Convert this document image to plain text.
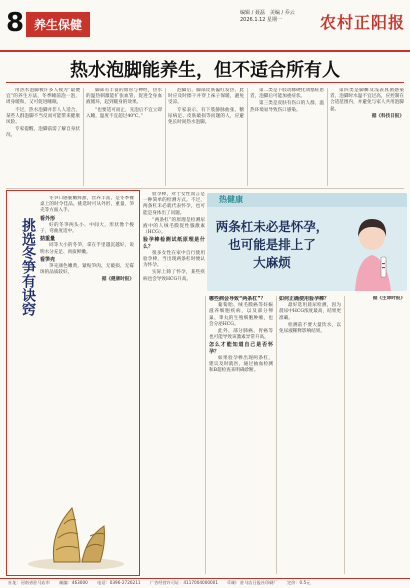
8 养生保健
编辑 / 聂磊　美编 / 乔云
2026.1.12 星期一	农村正阳报
热水泡脚能养生，但不适合所有人

用热水泡脚被许多人视为“最便宜”的养生方法，冬季睡前泡一泡，周身暖和，又可促进睡眠。

不过，热水泡脚并非人人适合，某些人群泡脚不当反而可能带来健康风险。

专家提醒，泡脚前需了解自身状况。

脚部有丰富的血管与神经，热水的温热刺激能扩张血管，促进全身血液循环，起到暖身的效果。

“也要适可而止，先泡后不宜立即入睡，温度不宜超过40℃。”

泡脚后，脚部皮肤偏红发热，此时应及时擦干并穿上袜子保暖，避免受凉。

专家表示，有下肢静脉曲张、糖尿病足、皮肤破损等问题的人，应避免长时间热水泡脚。

第二类是下肢动脉硬化闭塞症患者，泡脚后可能加重症状。

第三类是皮肤有伤口的人群，温热环境易导致伤口感染。

第四类是脚癣及浅表真菌感染者，泡脚时水温不宜过高，应控制在合适范围内，并避免与家人共用泡脚盆。

据《科技日报》

挑选冬笋有诀窍

冬笋口感脆嫩鲜甜，营养丰富，是冬季餐桌上的时令佳品。挑选时可从外形、重量、笋壳等方面入手。

看外形

好的冬笋两头小、中间大，形状像个梭子，弯曲度适中。

掂重量

同等大小的冬笋，拿在手里越沉越好，说明水分充足、肉质鲜嫩。

看笋壳

笋壳颜色嫩黄，紧贴笋肉、无破损、无霉斑的品质较好。

据《健康时报》

验孕棒，对于女性而言是一种简单的检测方式。不过，两条杠未必就代表怀孕，也可能是身体出了问题。

“两条杠”的原理是检测尿液中的人绒毛膜促性腺激素（HCG）。

验孕棒检测试纸原理是什么？

很多女性在家中自行使用验孕棒，当出现两条杠时便认为怀孕。

实际上除了怀孕，某些疾病也会导致HCG升高。

热健康
两条杠未必是怀孕，
也可能是排上了
大麻烦

哪些病会导致“两条杠”？

葡萄胎、绒毛膜癌等妊娠滋养细胞疾病，以及部分卵巢、睾丸的生殖细胞肿瘤，也会分泌HCG。

此外，部分肺癌、胃癌等也可能导致该激素异常升高。

怎么才能知道自己是否怀孕？

如果验孕棒出现两条杠，建议及时就医，通过抽血检测和B超检查来明确诊断。

如何正确使用验孕棒？

最好选用晨尿检测，因为晨尿中HCG浓度最高，结果更准确。

检测前不要大量饮水，以免尿液稀释影响结果。

据《生命时报》

社址：河南省驻马店市 邮编：463000 电话：0396-2726211 广告经营许可证：4117004000001 印刷：驻马店日报社印刷厂 定价：0.5元
